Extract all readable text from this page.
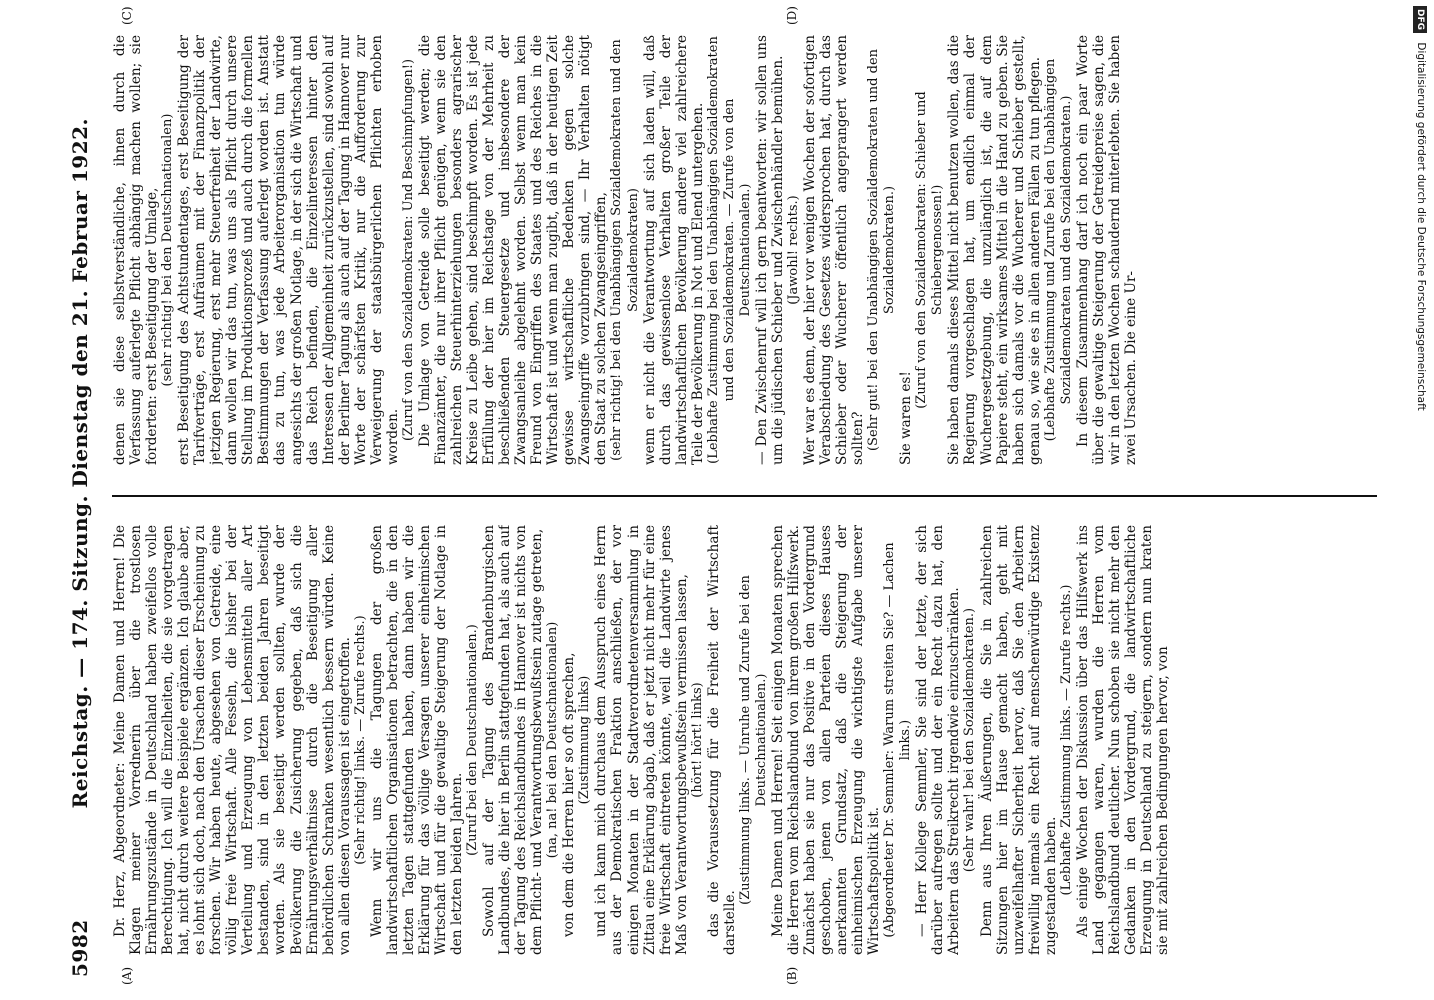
5982
Reichstag. — 174. Sitzung. Dienstag den 21. Februar 1922. Dr. Herz, Abgeordneter: Meine Damen und Herren! Die Klagen meiner Vorrednerin über die trostlosen Ernährungszustände in Deutschland haben zweifellos volle Berechtigung. Ich will die Einzelheiten, die sie vorgetragen hat, nicht durch weitere Beispiele ergänzen. Ich glaube aber, es lohnt sich doch, nach den Ursachen dieser Erscheinung zu forschen. Wir haben heute, abgesehen von Getreide, eine völlig freie Wirtschaft. Alle Fesseln, die bisher bei der Verteilung und Erzeugung von Lebensmitteln aller Art bestanden, sind in den letzten beiden Jahren beseitigt worden. Als sie beseitigt werden sollten, wurde der Bevölkerung die Zusicherung gegeben, daß sich die Ernährungsverhältnisse durch die Beseitigung aller behördlichen Schranken wesentlich bessern würden. Keine von allen diesen Voraussagen ist eingetroffen. (Sehr richtig! links. — Zurufe rechts.) Wenn wir uns die Tagungen der großen landwirtschaftlichen Organisationen betrachten, die in den letzten Tagen stattgefunden haben, dann haben wir die Erklärung für das völlige Versagen unserer einheimischen Wirtschaft und für die gewaltige Steigerung der Notlage in den letzten beiden Jahren.

(Zuruf bei den Deutschnationalen.) Sowohl auf der Tagung des Brandenburgischen Landbundes, die hier in Berlin stattgefunden hat, als auch auf der Tagung des Reichslandbundes in Hannover ist nichts von dem Pflicht- und Verantwortungsbewußtsein zutage getreten, (na, na! bei den Deutschnationalen) von dem die Herren hier so oft sprechen, (Zustimmung links) und ich kann mich durchaus dem Ausspruch eines Herrn aus der Demokratischen Fraktion anschließen, der vor einigen Monaten in der Stadtverordnetenversammlung in Zittau eine Erklärung abgab, daß er jetzt nicht mehr für eine freie Wirtschaft eintreten könnte, weil die Landwirte jenes Maß von Verantwortungsbewußtsein vermissen lassen, (hört! hört! links) das die Voraussetzung für die Freiheit der Wirtschaft darstelle.

(Zustimmung links. — Unruhe und Zurufe bei den Deutschnationalen.) Meine Damen und Herren! Seit einigen Monaten sprechen die Herren vom Reichslandbund von ihrem großen Hilfswerk. Zunächst haben sie nur das Positive in den Vordergrund geschoben, jenen von allen Parteien dieses Hauses anerkannten Grundsatz, daß die Steigerung der einheimischen Erzeugung die wichtigste Aufgabe unserer Wirtschaftspolitik ist. (Abgeordneter Dr. Semmler: Warum streiten Sie? — Lachen links.) — Herr Kollege Semmler, Sie sind der letzte, der sich darüber aufregen sollte und der ein Recht dazu hat, den Arbeitern das Streikrecht irgendwie einzuschränken. (Sehr wahr! bei den Sozialdemokraten.) Denn aus Ihren Äußerungen, die Sie in zahlreichen Sitzungen hier im Hause gemacht haben, geht mit unzweifelhafter Sicherheit hervor, daß Sie den Arbeitern freiwillig niemals ein Recht auf menschenwürdige Existenz zugestanden haben. (Lebhafte Zustimmung links. — Zurufe rechts.) Als einige Wochen der Diskussion über das Hilfswerk ins Land gegangen waren, wurden die Herren vom Reichslandbund deutlicher. Nun schoben sie nicht mehr den Gedanken in den Vordergrund, die landwirtschaftliche Erzeugung in Deutschland zu steigern, sondern nun kraten sie mit zahlreichen Bedingungen hervor, von

denen sie diese selbstverständliche, ihnen durch die Verfassung auferlegte Pflicht abhängig machen wollen; sie forderten: erst Beseitigung der Umlage, (sehr richtig! bei den Deutschnationalen) erst Beseitigung des Achtstundentages, erst Beseitigung der Tarifverträge, erst Aufräumen mit der Finanzpolitik der jetzigen Regierung, erst mehr Steuerfreiheit der Landwirte, dann wollen wir das tun, was uns als Pflicht durch unsere Stellung im Produktionsprozeß und auch durch die formellen Bestimmungen der Verfassung auferlegt worden ist. Anstatt das zu tun, was jede Arbeiterorganisation tun würde angesichts der großen Notlage, in der sich die Wirtschaft und das Reich befinden, die Einzelinteressen hinter den Interessen der Allgemeinheit zurückzustellen, sind sowohl auf der Berliner Tagung als auch auf der Tagung in Hannover nur Worte der schärfsten Kritik, nur die Aufforderung zur Verweigerung der staatsbürgerlichen Pflichten erhoben worden. (Zuruf von den Sozialdemokraten: Und Beschimpfungen!) Die Umlage von Getreide solle beseitigt werden; die Finanzämter, die nur ihrer Pflicht genügen, wenn sie den zahlreichen Steuerhinterziehungen besonders agrarischer Kreise zu Leibe gehen, sind beschimpft worden. Es ist jede Erfüllung der hier im Reichstage von der Mehrheit zu beschließenden Steuergesetze und insbesondere der Zwangsanleihe abgelehnt worden. Selbst wenn man kein Freund von Eingriffen des Staates und des Reiches in die Wirtschaft ist und wenn man zugibt, daß in der heutigen Zeit gewisse wirtschaftliche Bedenken gegen solche Zwangseingriffe vorzubringen sind, — Ihr Verhalten nötigt den Staat zu solchen Zwangseingriffen, (sehr richtig! bei den Unabhängigen Sozialdemokraten und den Sozialdemokraten) wenn er nicht die Verantwortung auf sich laden will, daß durch das gewissenlose Verhalten großer Teile der landwirtschaftlichen Bevölkerung andere viel zahlreichere Teile der Bevölkerung in Not und Elend untergehen. (Lebhafte Zustimmung bei den Unabhängigen Sozialdemokraten und den Sozialdemokraten. — Zurufe von den Deutschnationalen.) — Den Zwischenruf will ich gern beantworten: wir sollen uns um die jüdischen Schieber und Zwischenhändler bemühen. (Jawohl! rechts.) Wer war es denn, der hier vor wenigen Wochen der sofortigen Verabschiedung des Gesetzes widersprochen hat, durch das Schieber oder Wucherer öffentlich angeprangert werden sollten? (Sehr gut! bei den Unabhängigen Sozialdemokraten und den Sozialdemokraten.)

Sie waren es!

(Zuruf von den Sozialdemokraten: Schieber und Schiebergenossen!) Sie haben damals dieses Mittel nicht benutzen wollen, das die Regierung vorgeschlagen hat, um endlich einmal der Wuchergesetzgebung, die unzulänglich ist, die auf dem Papiere steht, ein wirksames Mittel in die Hand zu geben. Sie haben sich damals vor die Wucherer und Schieber gestellt, genau so, wie sie es in allen anderen Fällen zu tun pflegen. (Lebhafte Zustimmung und Zurufe bei den Unabhängigen Sozialdemokraten und den Sozialdemokraten.) In diesem Zusammenhang darf ich noch ein paar Worte über die gewaltige Steigerung der Getreidepreise sagen, die wir in den letzten Wochen schaudernd miterlebten. Sie haben zwei Ursachen. Die eine Ur-

(A)	(B)
(C)	(D)	DFG Digitalisierung gefördert durch die Deutsche Forschungsgemeinschaft
